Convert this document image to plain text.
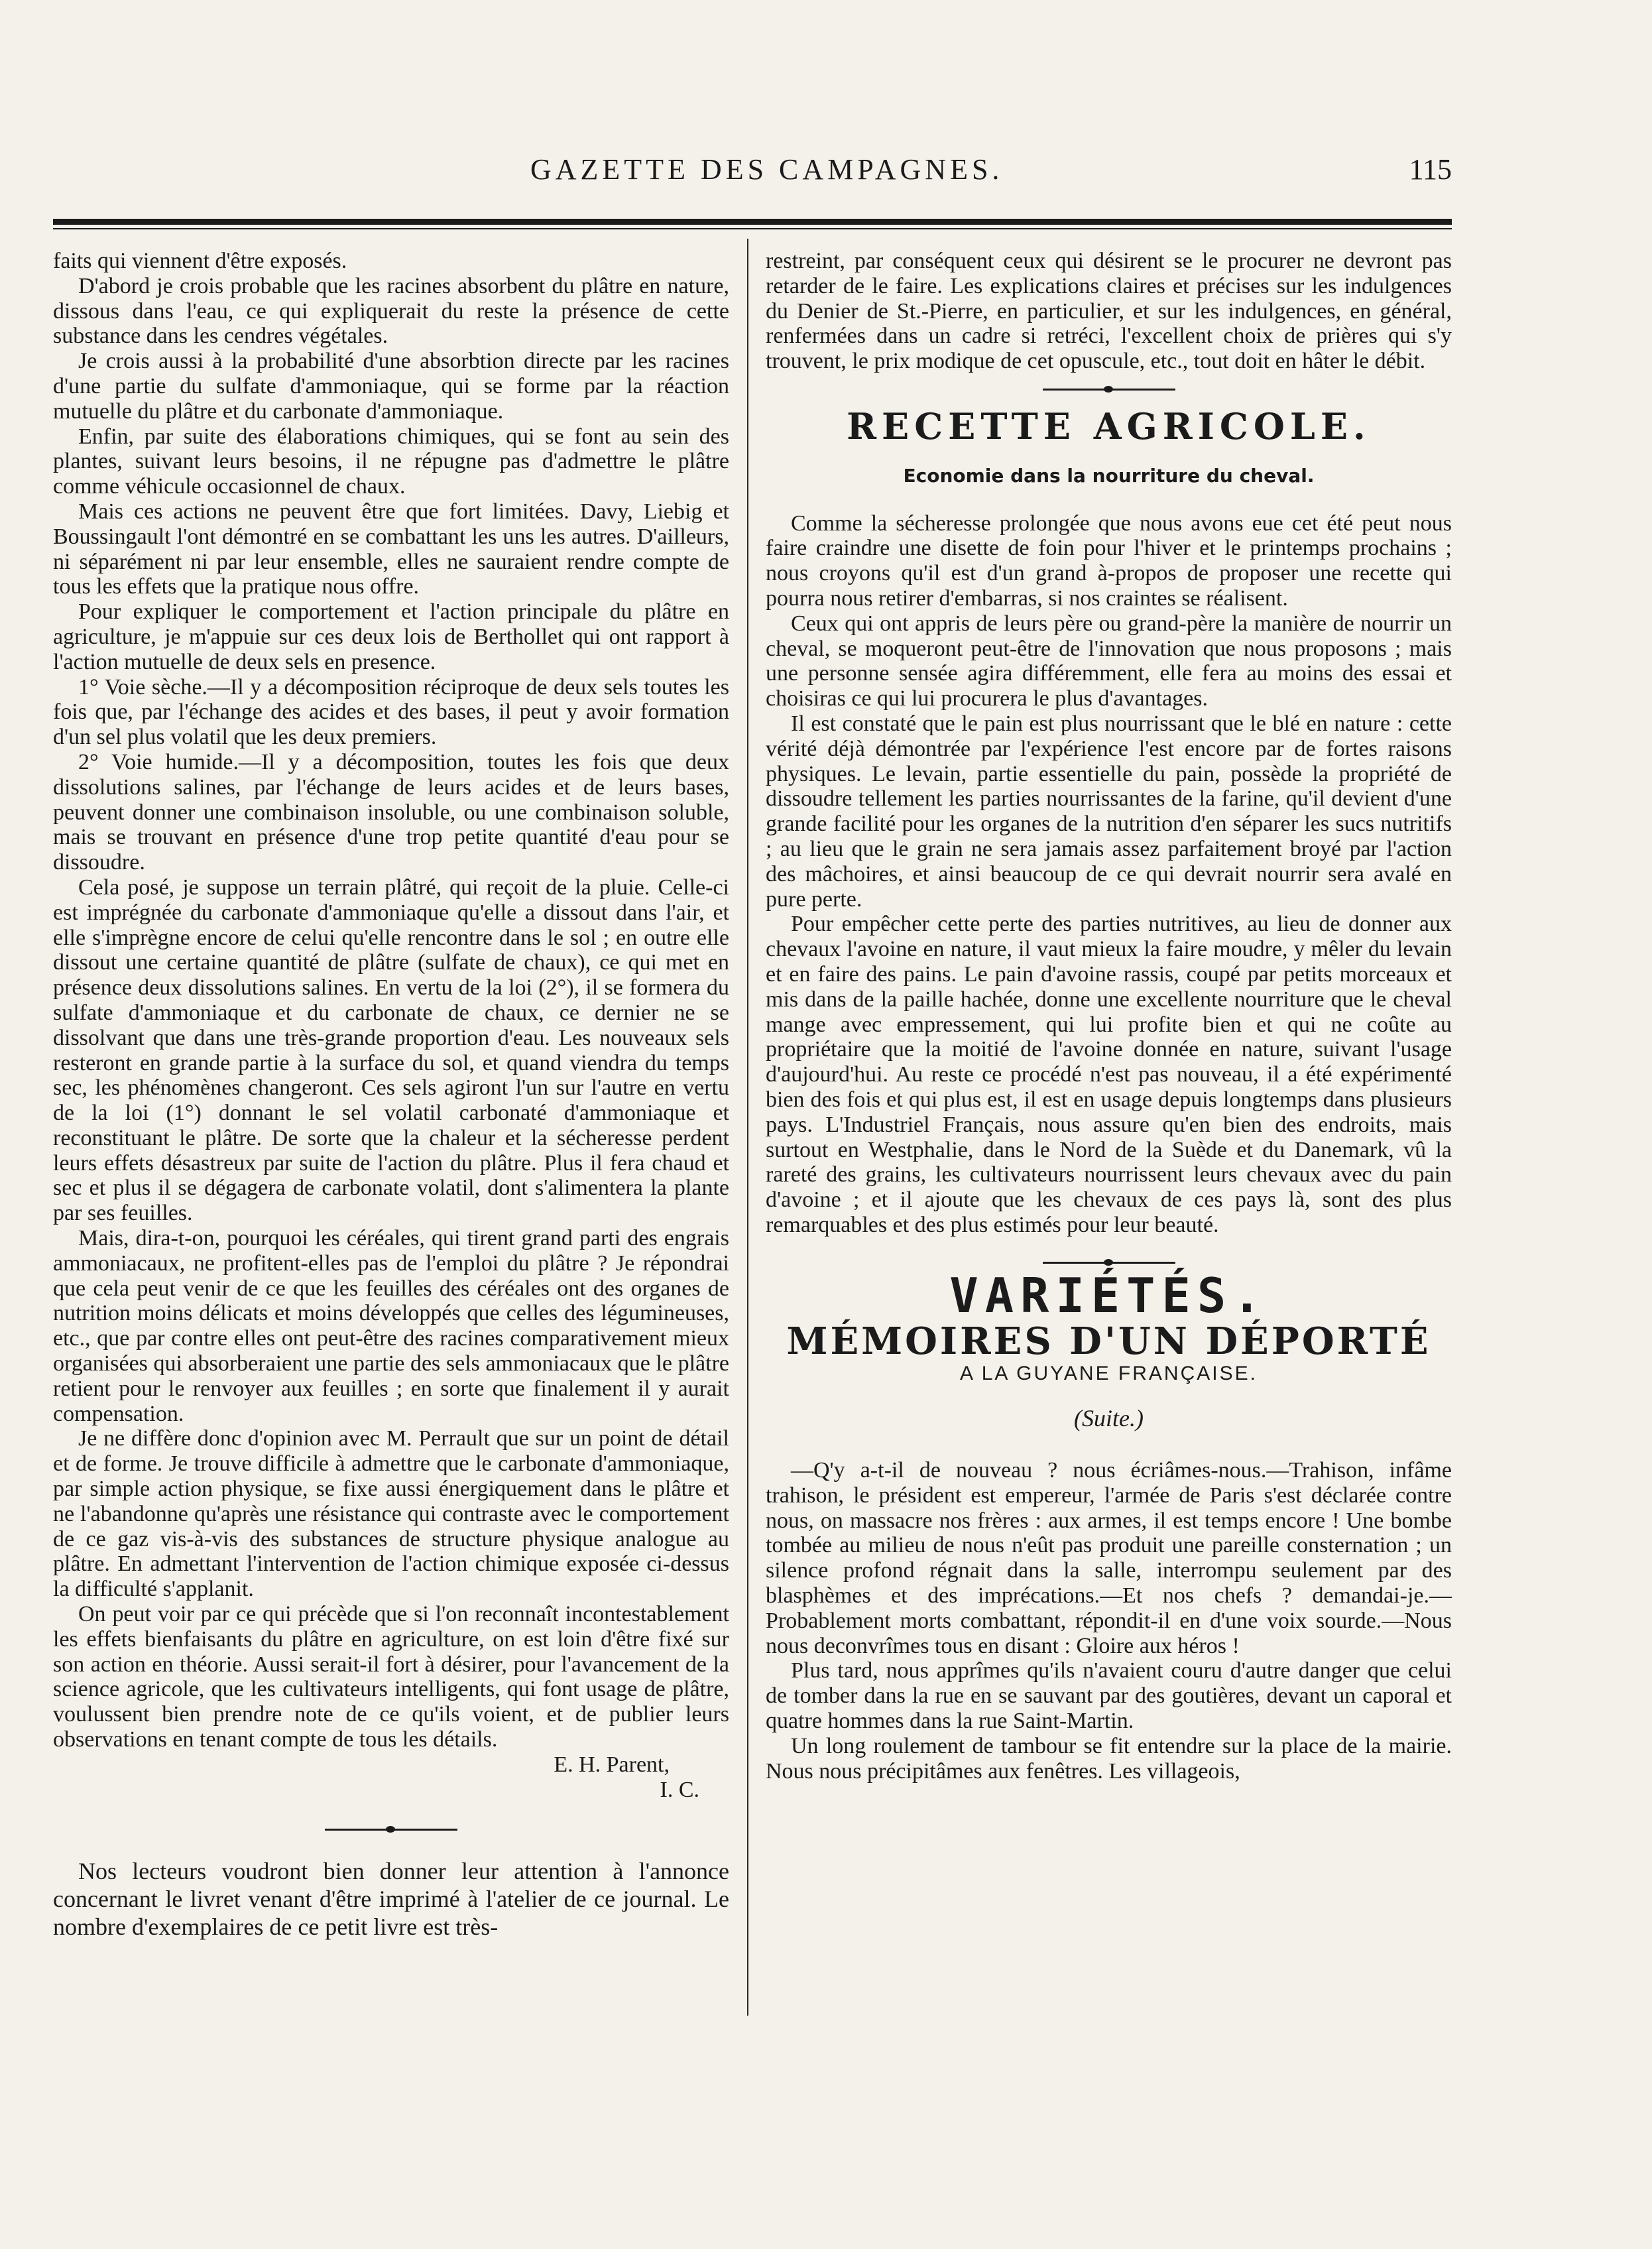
GAZETTE DES CAMPAGNES.	115

faits qui viennent d'être exposés.

D'abord je crois probable que les racines absorbent du plâtre en nature, dissous dans l'eau, ce qui expliquerait du reste la présence de cette substance dans les cendres végétales.

Je crois aussi à la probabilité d'une absorbtion directe par les racines d'une partie du sulfate d'ammoniaque, qui se forme par la réaction mutuelle du plâtre et du carbonate d'ammoniaque.

Enfin, par suite des élaborations chimiques, qui se font au sein des plantes, suivant leurs besoins, il ne répugne pas d'admettre le plâtre comme véhicule occasionnel de chaux.

Mais ces actions ne peuvent être que fort limitées. Davy, Liebig et Boussingault l'ont démontré en se combattant les uns les autres. D'ailleurs, ni séparément ni par leur ensemble, elles ne sauraient rendre compte de tous les effets que la pratique nous offre.

Pour expliquer le comportement et l'action principale du plâtre en agriculture, je m'appuie sur ces deux lois de Berthollet qui ont rapport à l'action mutuelle de deux sels en presence.

1° Voie sèche.—Il y a décomposition réciproque de deux sels toutes les fois que, par l'échange des acides et des bases, il peut y avoir formation d'un sel plus volatil que les deux premiers.

2° Voie humide.—Il y a décomposition, toutes les fois que deux dissolutions salines, par l'échange de leurs acides et de leurs bases, peuvent donner une combinaison insoluble, ou une combinaison soluble, mais se trouvant en présence d'une trop petite quantité d'eau pour se dissoudre.

Cela posé, je suppose un terrain plâtré, qui reçoit de la pluie. Celle-ci est imprégnée du carbonate d'ammoniaque qu'elle a dissout dans l'air, et elle s'imprègne encore de celui qu'elle rencontre dans le sol ; en outre elle dissout une certaine quantité de plâtre (sulfate de chaux), ce qui met en présence deux dissolutions salines. En vertu de la loi (2°), il se formera du sulfate d'ammoniaque et du carbonate de chaux, ce dernier ne se dissolvant que dans une très-grande proportion d'eau. Les nouveaux sels resteront en grande partie à la surface du sol, et quand viendra du temps sec, les phénomènes changeront. Ces sels agiront l'un sur l'autre en vertu de la loi (1°) donnant le sel volatil carbonaté d'ammoniaque et reconstituant le plâtre. De sorte que la chaleur et la sécheresse perdent leurs effets désastreux par suite de l'action du plâtre. Plus il fera chaud et sec et plus il se dégagera de carbonate volatil, dont s'alimentera la plante par ses feuilles.

Mais, dira-t-on, pourquoi les céréales, qui tirent grand parti des engrais ammoniacaux, ne profitent-elles pas de l'emploi du plâtre ? Je répondrai que cela peut venir de ce que les feuilles des céréales ont des organes de nutrition moins délicats et moins développés que celles des légumineuses, etc., que par contre elles ont peut-être des racines comparativement mieux organisées qui absorberaient une partie des sels ammoniacaux que le plâtre retient pour le renvoyer aux feuilles ; en sorte que finalement il y aurait compensation.

Je ne diffère donc d'opinion avec M. Perrault que sur un point de détail et de forme. Je trouve difficile à admettre que le carbonate d'ammoniaque, par simple action physique, se fixe aussi énergiquement dans le plâtre et ne l'abandonne qu'après une résistance qui contraste avec le comportement de ce gaz vis-à-vis des substances de structure physique analogue au plâtre. En admettant l'intervention de l'action chimique exposée ci-dessus la difficulté s'applanit.

On peut voir par ce qui précède que si l'on reconnaît incontestablement les effets bienfaisants du plâtre en agriculture, on est loin d'être fixé sur son action en théorie. Aussi serait-il fort à désirer, pour l'avancement de la science agricole, que les cultivateurs intelligents, qui font usage de plâtre, voulussent bien prendre note de ce qu'ils voient, et de publier leurs observations en tenant compte de tous les détails.

E. H. Parent,
I. C.

Nos lecteurs voudront bien donner leur attention à l'annonce concernant le livret venant d'être imprimé à l'atelier de ce journal. Le nombre d'exemplaires de ce petit livre est très-

restreint, par conséquent ceux qui désirent se le procurer ne devront pas retarder de le faire. Les explications claires et précises sur les indulgences du Denier de St.-Pierre, en particulier, et sur les indulgences, en général, renfermées dans un cadre si retréci, l'excellent choix de prières qui s'y trouvent, le prix modique de cet opuscule, etc., tout doit en hâter le débit.

RECETTE AGRICOLE.
Economie dans la nourriture du cheval.

Comme la sécheresse prolongée que nous avons eue cet été peut nous faire craindre une disette de foin pour l'hiver et le printemps prochains ; nous croyons qu'il est d'un grand à-propos de proposer une recette qui pourra nous retirer d'embarras, si nos craintes se réalisent.

Ceux qui ont appris de leurs père ou grand-père la manière de nourrir un cheval, se moqueront peut-être de l'innovation que nous proposons ; mais une personne sensée agira différemment, elle fera au moins des essai et choisiras ce qui lui procurera le plus d'avantages.

Il est constaté que le pain est plus nourrissant que le blé en nature : cette vérité déjà démontrée par l'expérience l'est encore par de fortes raisons physiques. Le levain, partie essentielle du pain, possède la propriété de dissoudre tellement les parties nourrissantes de la farine, qu'il devient d'une grande facilité pour les organes de la nutrition d'en séparer les sucs nutritifs ; au lieu que le grain ne sera jamais assez parfaitement broyé par l'action des mâchoires, et ainsi beaucoup de ce qui devrait nourrir sera avalé en pure perte.

Pour empêcher cette perte des parties nutritives, au lieu de donner aux chevaux l'avoine en nature, il vaut mieux la faire moudre, y mêler du levain et en faire des pains. Le pain d'avoine rassis, coupé par petits morceaux et mis dans de la paille hachée, donne une excellente nourriture que le cheval mange avec empressement, qui lui profite bien et qui ne coûte au propriétaire que la moitié de l'avoine donnée en nature, suivant l'usage d'aujourd'hui. Au reste ce procédé n'est pas nouveau, il a été expérimenté bien des fois et qui plus est, il est en usage depuis longtemps dans plusieurs pays. L'Industriel Français, nous assure qu'en bien des endroits, mais surtout en Westphalie, dans le Nord de la Suède et du Danemark, vû la rareté des grains, les cultivateurs nourrissent leurs chevaux avec du pain d'avoine ; et il ajoute que les chevaux de ces pays là, sont des plus remarquables et des plus estimés pour leur beauté.

VARIÉTÉS.
MÉMOIRES D'UN DÉPORTÉ
A LA GUYANE FRANÇAISE.
(Suite.)

—Q'y a-t-il de nouveau ? nous écriâmes-nous.—Trahison, infâme trahison, le président est empereur, l'armée de Paris s'est déclarée contre nous, on massacre nos frères : aux armes, il est temps encore ! Une bombe tombée au milieu de nous n'eût pas produit une pareille consternation ; un silence profond régnait dans la salle, interrompu seulement par des blasphèmes et des imprécations.—Et nos chefs ? demandai-je.—Probablement morts combattant, répondit-il en d'une voix sourde.—Nous nous deconvrîmes tous en disant : Gloire aux héros !

Plus tard, nous apprîmes qu'ils n'avaient couru d'autre danger que celui de tomber dans la rue en se sauvant par des goutières, devant un caporal et quatre hommes dans la rue Saint-Martin.

Un long roulement de tambour se fit entendre sur la place de la mairie. Nous nous précipitâmes aux fenêtres. Les villageois,
